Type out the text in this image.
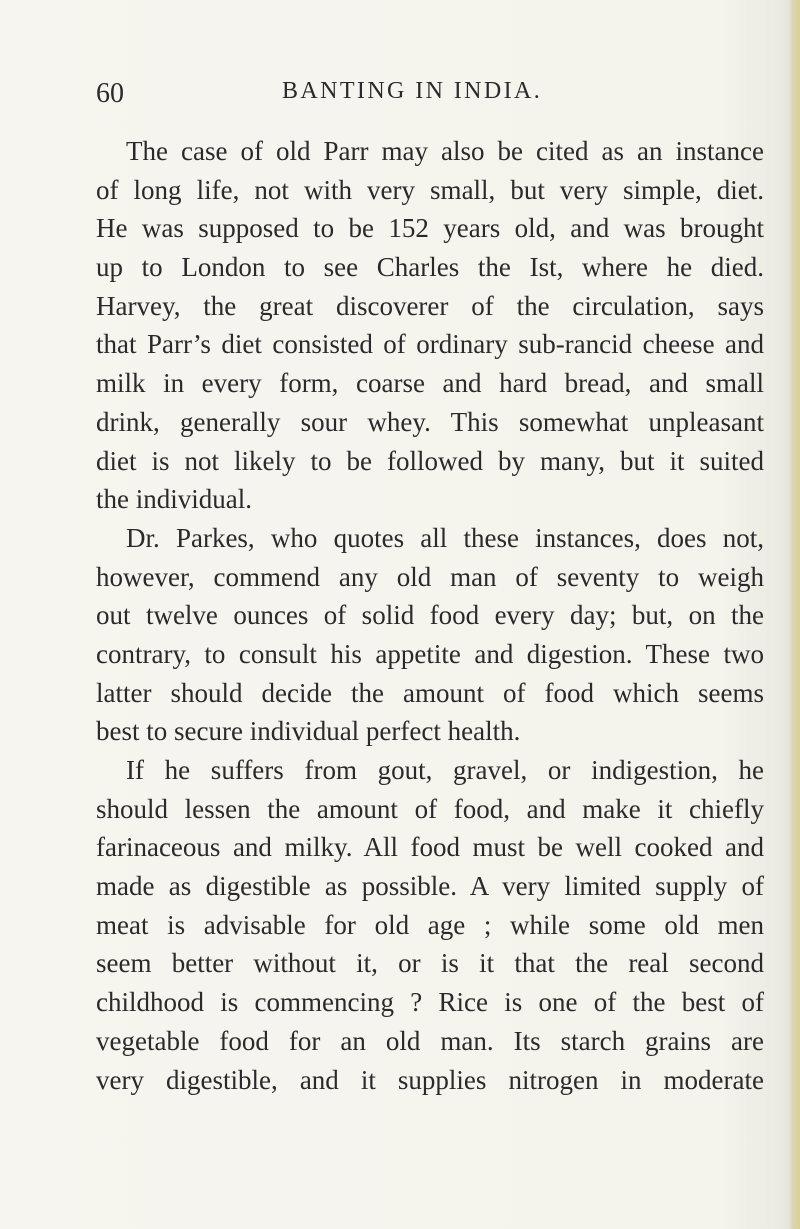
60	BANTING IN INDIA.
The case of old Parr may also be cited as an instance
of long life, not with very small, but very simple, diet.
He was supposed to be 152 years old, and was brought
up to London to see Charles the Ist, where he died.
Harvey, the great discoverer of the circulation, says
that Parr’s diet consisted of ordinary sub-rancid cheese and
milk in every form, coarse and hard bread, and small
drink, generally sour whey. This somewhat unpleasant
diet is not likely to be followed by many, but it suited
the individual.
Dr. Parkes, who quotes all these instances, does not,
however, commend any old man of seventy to weigh
out twelve ounces of solid food every day; but, on the
contrary, to consult his appetite and digestion. These two
latter should decide the amount of food which seems
best to secure individual perfect health.
If he suffers from gout, gravel, or indigestion, he
should lessen the amount of food, and make it chiefly
farinaceous and milky. All food must be well cooked and
made as digestible as possible. A very limited supply of
meat is advisable for old age ; while some old men
seem better without it, or is it that the real second
childhood is commencing ? Rice is one of the best of
vegetable food for an old man. Its starch grains are
very digestible, and it supplies nitrogen in moderate
